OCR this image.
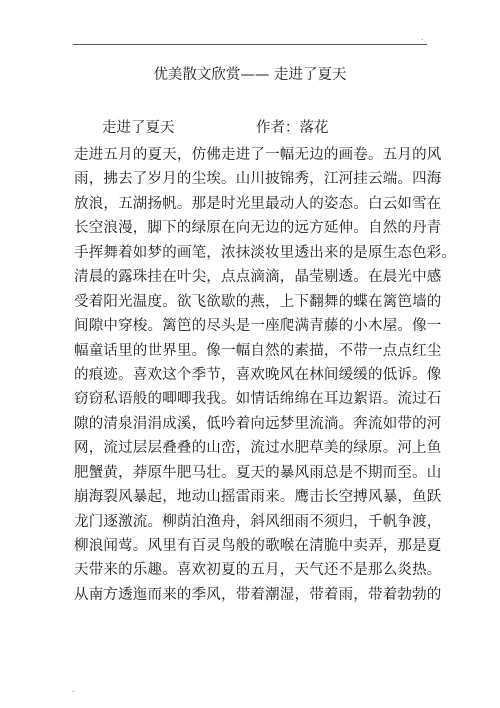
.
优美散文欣赏—— 走进了夏天
走进了夏天	作者：落花
走进五月的夏天，仿佛走进了一幅无边的画卷。五月的风
雨，拂去了岁月的尘埃。山川披锦秀，江河挂云端。四海
放浪，五湖扬帆。那是时光里最动人的姿态。白云如雪在
长空浪漫，脚下的绿原在向无边的远方延伸。自然的丹青
手挥舞着如梦的画笔，浓抹淡妆里透出来的是原生态色彩。
清晨的露珠挂在叶尖，点点滴滴，晶莹剔透。在晨光中感
受着阳光温度。欲飞欲歇的燕，上下翻舞的蝶在篱笆墙的
间隙中穿梭。篱笆的尽头是一座爬满青藤的小木屋。像一
幅童话里的世界里。像一幅自然的素描，不带一点点红尘
的痕迹。喜欢这个季节，喜欢晚风在林间缓缓的低诉。像
窃窃私语般的唧唧我我。如情话绵绵在耳边絮语。流过石
隙的清泉涓涓成溪，低吟着向远梦里流淌。奔流如带的河
网，流过层层叠叠的山峦，流过水肥草美的绿原。河上鱼
肥蟹黄，莽原牛肥马壮。夏天的暴风雨总是不期而至。山
崩海裂风暴起，地动山摇雷雨来。鹰击长空搏风暴，鱼跃
龙门逐激流。柳荫泊渔舟，斜风细雨不须归，千帆争渡，
柳浪闻莺。风里有百灵鸟般的歌喉在清脆中卖弄，那是夏
天带来的乐趣。喜欢初夏的五月，天气还不是那么炎热。
从南方透迤而来的季风，带着潮湿，带着雨，带着勃勃的
.
